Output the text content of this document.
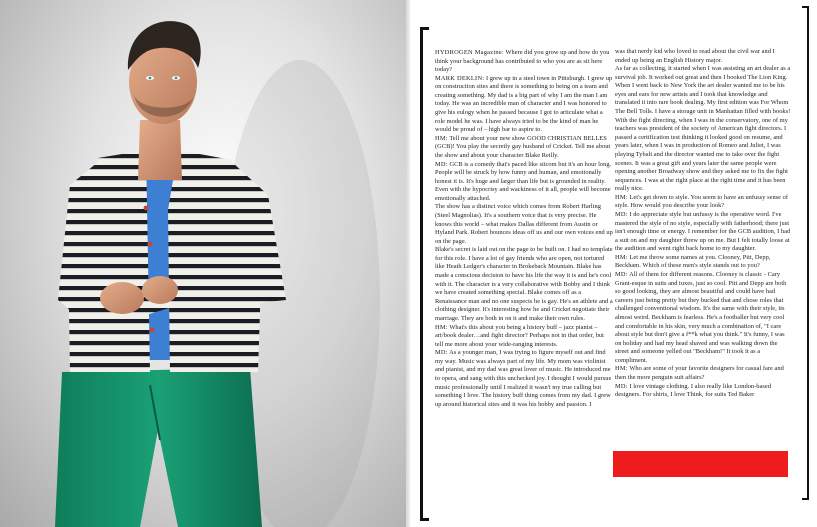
HYDROGEN Magazine: Where did you grow up and how do you think your background has contributed to who you are as sit here today?

MARK DEKLIN: I grew up in a steel town in Pittsburgh. I grew up on construction sites and there is something to being on a team and creating something. My dad is a big part of why I am the man I am today. He was an incredible man of character and I was honored to give his eulogy when he passed because I got to articulate what a role model he was. I have always tried to be the kind of man he would be proud of – high bar to aspire to.

HM: Tell me about your new show GOOD CHRISTIAN BELLES (GCB)! You play the secretly gay husband of Cricket. Tell me about the show and about your character Blake Reilly.

MD: GCB is a comedy that's paced like sitcom but it's an hour long. People will be struck by how funny and human, and emotionally honest it is. It's huge and larger than life but is grounded in reality. Even with the hypocrisy and wackiness of it all, people will become emotionally attached.

The show has a distinct voice which comes from Robert Harling (Steel Magnolias). It's a southern voice that is very precise. He knows this world – what makes Dallas different from Austin or Hyland Park. Robert bounces ideas off us and our own voices end up on the page.

Blake's secret is laid out on the page to be built on. I had no template for this role. I have a lot of gay friends who are open, not tortured like Heath Ledger's character in Brokeback Mountain. Blake has made a conscious decision to have his life the way it is and he's cool with it. The character is a very collaborative with Bobby and I think we have created something special. Blake comes off as a Renaissance man and no one suspects he is gay. He's an athlete and a clothing designer. It's interesting how he and Cricket negotiate their marriage. They are both in on it and make their own rules.

HM: What's this about you being a history buff – jazz pianist – art/book dealer…and fight director? Perhaps not in that order, but tell me more about your wide-ranging interests.

MD: As a younger man, I was trying to figure myself out and find my way. Music was always part of my life. My mom was violinist and pianist, and my dad was great lover of music. He introduced me to opera, and sang with this unchecked joy. I thought I would pursue music professionally until I realized it wasn't my true calling but something I love. The history buff thing comes from my dad. I grew up around historical sites and it was his hobby and passion. I

was that nerdy kid who loved to read about the civil war and I ended up being an English History major.

As far as collecting, it started when I was assisting an art dealer as a survival job. It worked out great and then I booked The Lion King. When I went back to New York the art dealer wanted me to be his eyes and ears for new artists and I took that knowledge and translated it into rare book dealing. My first edition was For Whom The Bell Tolls. I have a storage unit in Manhattan filled with books!

With the fight directing, when I was in the conservatory, one of my teachers was president of the society of American fight directors. I passed a certification test thinking it looked good on resume, and years later, when I was in production of Romeo and Juliet, I was playing Tybalt and the director wanted me to take over the fight scenes. It was a great gift and years later the same people were opening another Broadway show and they asked me to fix the fight sequences. I was at the right place at the right time and it has been really nice.

HM: Let's get down to style. You seem to have an unfussy sense of style. How would you describe your look?

MD: I do appreciate style but unfussy is the operative word. I've mastered the style of no style, especially with fatherhood; there just isn't enough time or energy. I remember for the GCB audition, I had a suit on and my daughter threw up on me. But I felt totally loose at the audition and went right back home to my daughter.

HM: Let me throw some names at you. Clooney, Pitt, Depp, Beckham. Which of these men's style stands out to you?

MD: All of them for different reasons. Clooney is classic - Cary Grant-esque in suits and tuxes, just so cool. Pitt and Depp are both so good looking, they are almost beautiful and could have had careers just being pretty but they bucked that and chose roles that challenged conventional wisdom. It's the same with their style, its almost weird. Beckham is fearless. He's a footballer but very cool and comfortable in his skin, very much a combination of, "I care about style but don't give a f**k what you think." It's funny, I was on holiday and had my head shaved and was walking down the street and someone yelled out "Beckham!" It took it as a compliment.

HM: Who are some of your favorite designers for casual fare and then the more penguin suit affairs?

MD: I love vintage clothing. I also really like London-based designers. For shirts, I love Think, for suits Ted Baker
